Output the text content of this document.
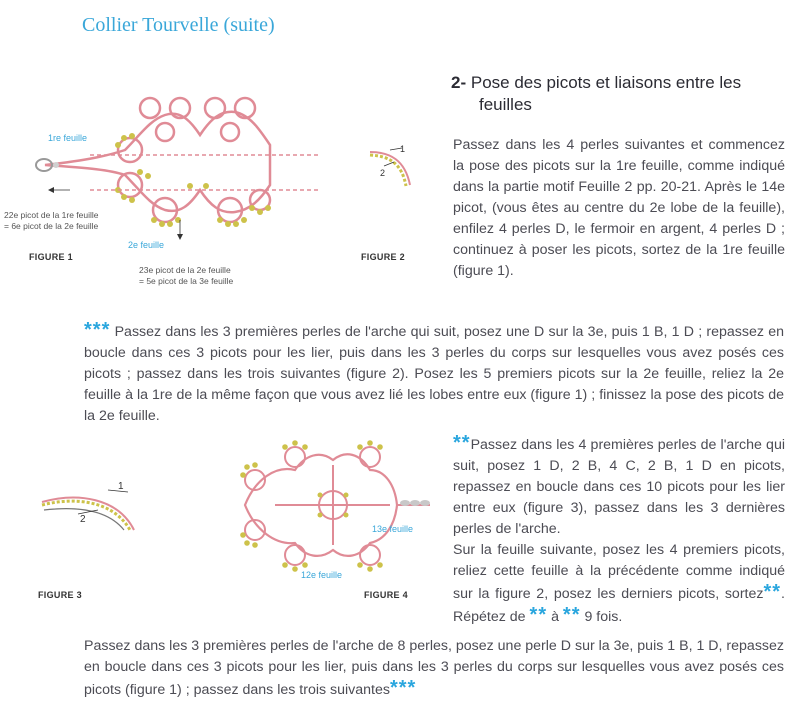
Collier Tourvelle (suite)
2- Pose des picots et liaisons entre les
feuilles
Passez dans les 4 perles suivantes et commencez la pose des picots sur la 1re feuille, comme indiqué dans la partie motif Feuille 2 pp. 20-21. Après le 14e picot, (vous êtes au centre du 2e lobe de la feuille), enfilez 4 perles D, le fermoir en argent, 4 perles D ; continuez à poser les picots, sortez de la 1re feuille (figure 1).
*** Passez dans les 3 premières perles de l'arche qui suit, posez une D sur la 3e, puis 1 B, 1 D ; repassez en boucle dans ces 3 picots pour les lier, puis dans les 3 perles du corps sur lesquelles vous avez posés ces picots ; passez dans les trois suivantes (figure 2). Posez les 5 premiers picots sur la 2e feuille, reliez la 2e feuille à la 1re de la même façon que vous avez lié les lobes entre eux (figure 1) ; finissez la pose des picots de la 2e feuille.
**Passez dans les 4 premières perles de l'arche qui suit, posez 1 D, 2 B, 4 C, 2 B, 1 D en picots, repassez en boucle dans ces 10 picots pour les lier entre eux (figure 3), passez dans les 3 dernières perles de l'arche.
Sur la feuille suivante, posez les 4 premiers picots, reliez cette feuille à la précédente comme indiqué sur la figure 2, posez les derniers picots, sortez**. Répétez de ** à ** 9 fois.
Passez dans les 3 premières perles de l'arche de 8 perles, posez une perle D sur la 3e, puis 1 B, 1 D, repassez en boucle dans ces 3 picots pour les lier, puis dans les 3 perles du corps sur lesquelles vous avez posés ces picots (figure 1) ; passez dans les trois suivantes***
1re feuille
2e feuille
22e picot de la 1re feuille
= 6e picot de la 2e feuille
23e picot de la 2e feuille
= 5e picot de la 3e feuille
FIGURE 1
1
2
FIGURE 2
1
2
FIGURE 3
13e feuille
12e feuille
FIGURE 4
